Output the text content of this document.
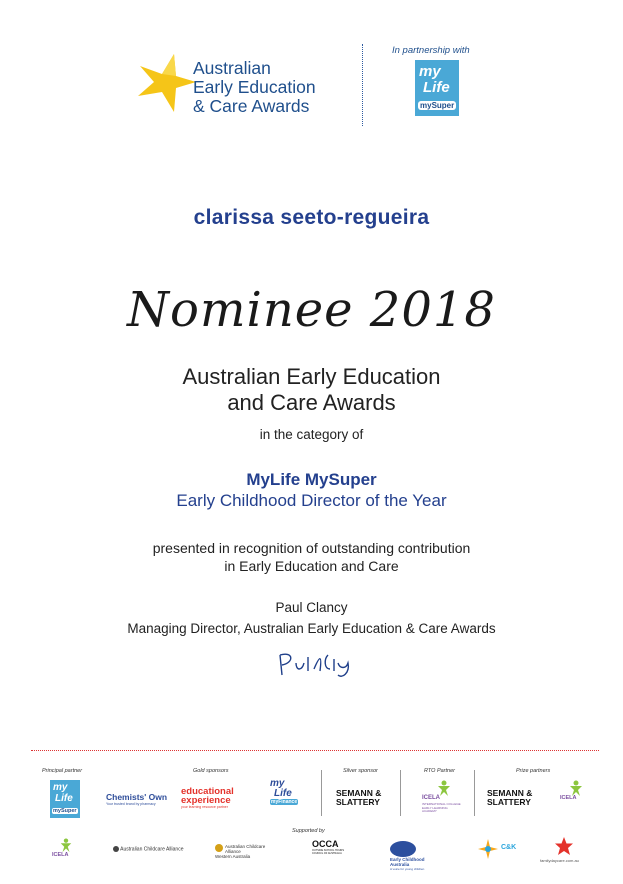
Australian
Early Education
& Care Awards
In partnership with
my
Life
mySuper
clarissa seeto-regueira
Nominee 2018
Australian Early Education
and Care Awards
in the category of
MyLife MySuper
Early Childhood Director of the Year
presented in recognition of outstanding contribution
in Early Education and Care
Paul Clancy
Managing Director, Australian Early Education & Care Awards
Principal partner	Gold sponsors	Silver sponsor	RTO Partner	Prize partners
Supported by
my
Life
mySuper
Chemists' Own
Your trusted brand by pharmacy
educational
experience
your learning resource partner
my
Life
myFinance
SEMANN &
SLATTERY	ICELA
INTERNATIONAL COLLEGE EARLY LEARNING ACADEMY
SEMANN &
SLATTERY	ICELA
ICELA
Australian Childcare Alliance	Australian Childcare Alliance
Western Australia
OCCA
OUTSIDE SCHOOL HOURS COUNCIL OF AUSTRALIA
Early Childhood Australia
A voice for young children
C&K
familydaycare.com.au
